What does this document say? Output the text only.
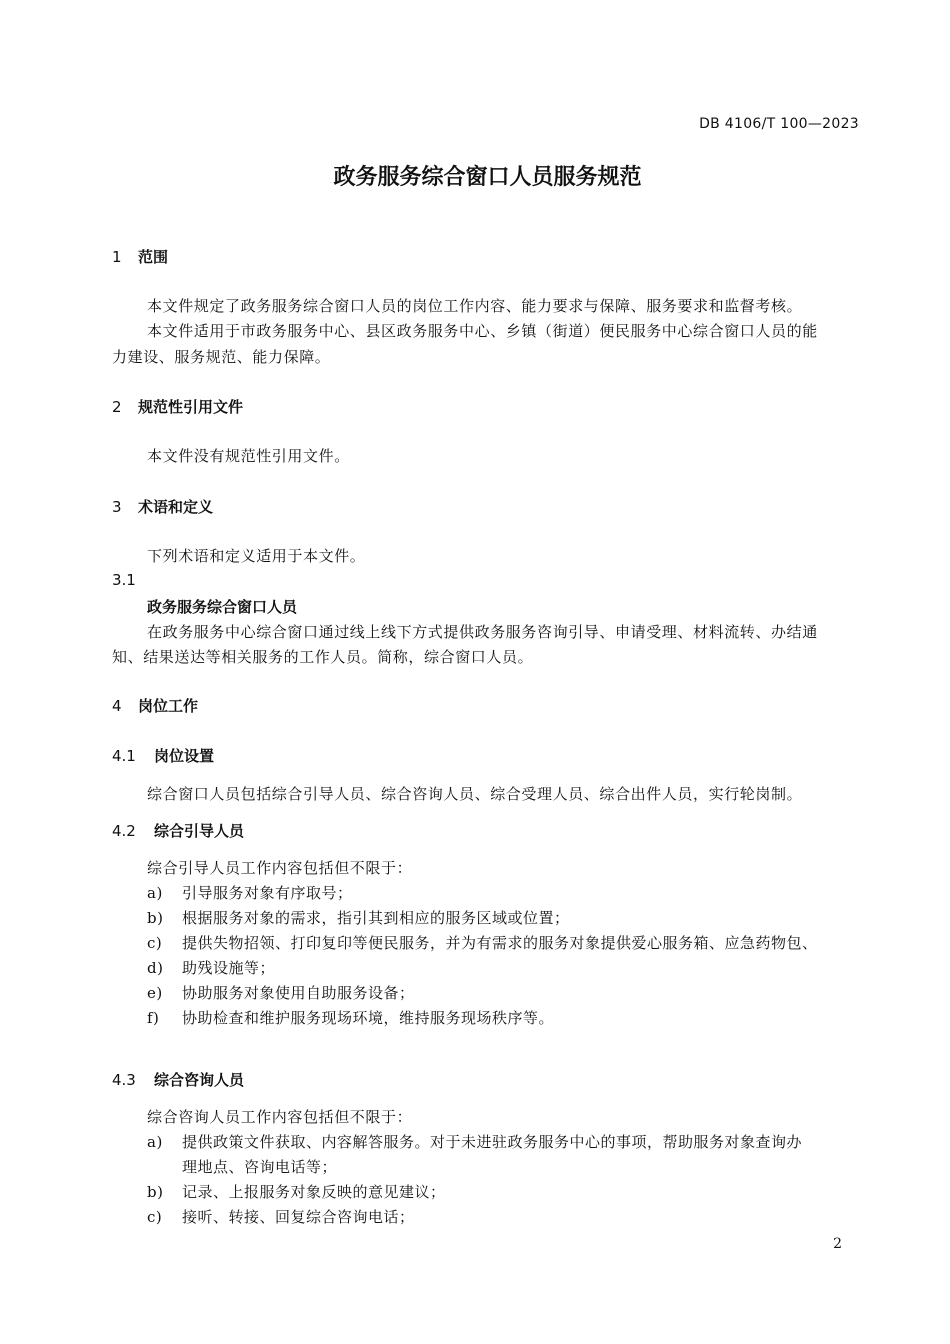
DB 4106/T 100—2023
政务服务综合窗口人员服务规范
1 范围
本文件规定了政务服务综合窗口人员的岗位工作内容、能力要求与保障、服务要求和监督考核。
本文件适用于市政务服务中心、县区政务服务中心、乡镇（街道）便民服务中心综合窗口人员的能
力建设、服务规范、能力保障。
2 规范性引用文件
本文件没有规范性引用文件。
3 术语和定义
下列术语和定义适用于本文件。
3.1
政务服务综合窗口人员
在政务服务中心综合窗口通过线上线下方式提供政务服务咨询引导、申请受理、材料流转、办结通
知、结果送达等相关服务的工作人员。简称，综合窗口人员。
4 岗位工作
4.1 岗位设置
综合窗口人员包括综合引导人员、综合咨询人员、综合受理人员、综合出件人员，实行轮岗制。
4.2 综合引导人员
综合引导人员工作内容包括但不限于：
a) 引导服务对象有序取号；
b) 根据服务对象的需求，指引其到相应的服务区域或位置；
c) 提供失物招领、打印复印等便民服务，并为有需求的服务对象提供爱心服务箱、应急药物包、
d) 助残设施等；
e) 协助服务对象使用自助服务设备；
f) 协助检查和维护服务现场环境，维持服务现场秩序等。
4.3 综合咨询人员
综合咨询人员工作内容包括但不限于：
a) 提供政策文件获取、内容解答服务。对于未进驻政务服务中心的事项，帮助服务对象查询办
理地点、咨询电话等；
b) 记录、上报服务对象反映的意见建议；
c) 接听、转接、回复综合咨询电话；
2
